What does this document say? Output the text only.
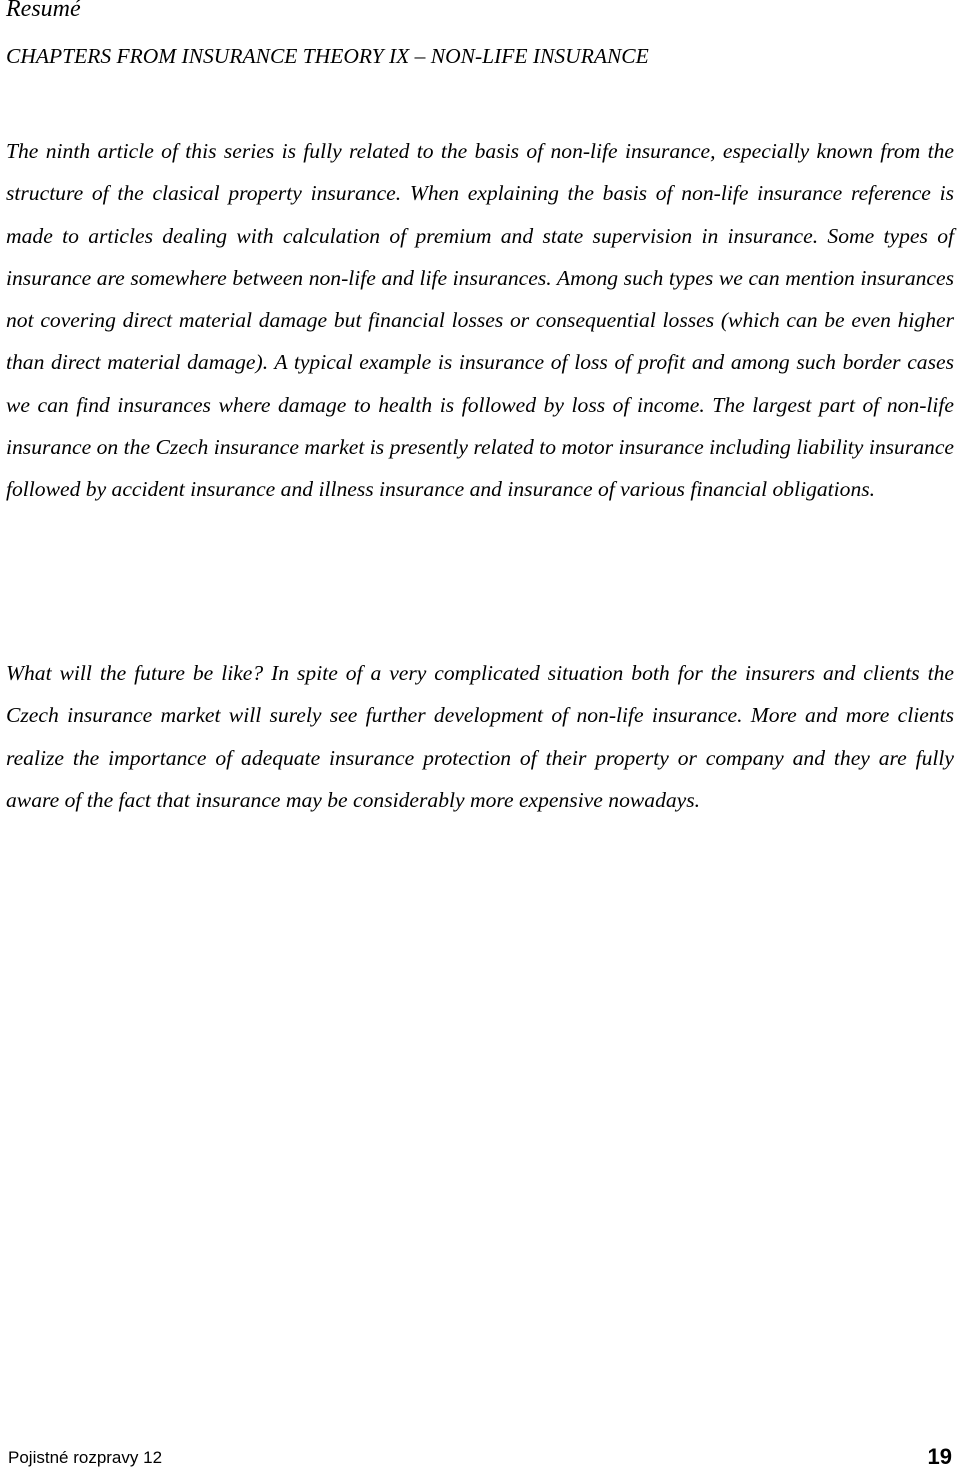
Resumé
CHAPTERS FROM INSURANCE THEORY IX – NON-LIFE INSURANCE

The ninth article of this series is fully related to the basis of non-life insurance, especially known from the structure of the clasical property insurance. When explaining the basis of non-life insurance reference is made to articles dealing with calculation of premium and state supervision in insurance. Some types of insurance are somewhere between non-life and life insurances. Among such types we can mention insurances not covering direct material damage but financial losses or consequential losses (which can be even higher than direct material damage). A typical example is insurance of loss of profit and among such border cases we can find insurances where damage to health is followed by loss of income. The largest part of non-life insurance on the Czech insurance market is presently related to motor insurance including liability insurance followed by accident insurance and illness insurance and insurance of various financial obligations.

What will the future be like? In spite of a very complicated situation both for the insurers and clients the Czech insurance market will surely see further development of non-life insurance. More and more clients realize the importance of adequate insurance protection of their property or company and they are fully aware of the fact that insurance may be considerably more expensive nowadays.

Pojistné rozpravy 12	19
